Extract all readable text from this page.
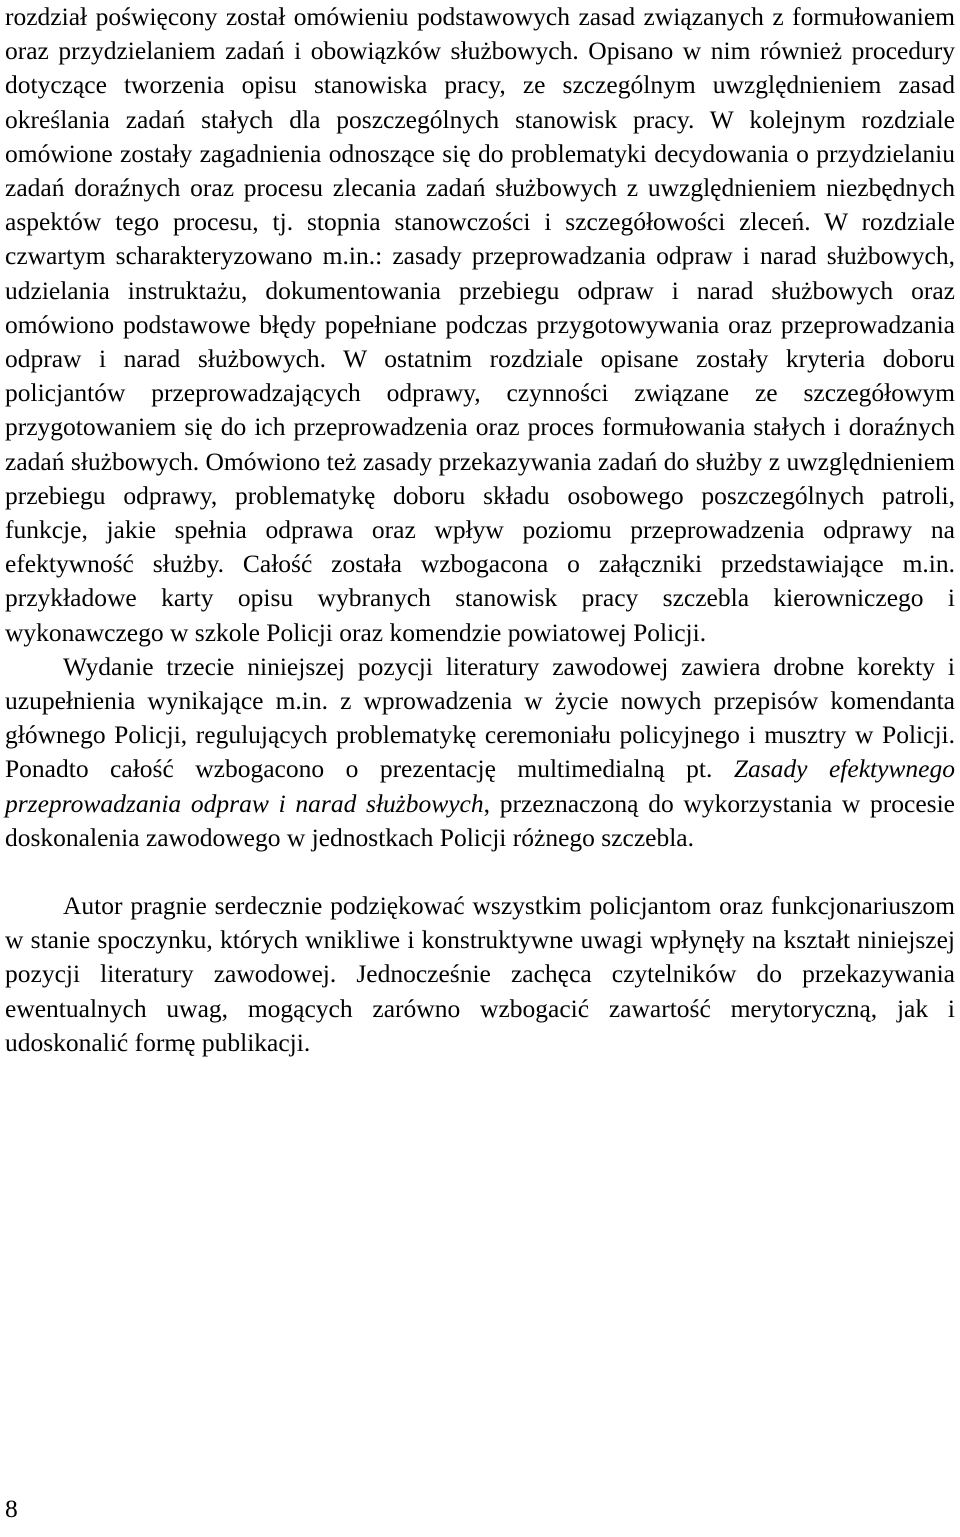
rozdział poświęcony został omówieniu podstawowych zasad związanych z formułowaniem oraz przydzielaniem zadań i obowiązków służbowych. Opisano w nim również procedury dotyczące tworzenia opisu stanowiska pracy, ze szczególnym uwzględnieniem zasad określania zadań stałych dla poszczególnych stanowisk pracy. W kolejnym rozdziale omówione zostały zagadnienia odnoszące się do problematyki decydowania o przydzielaniu zadań doraźnych oraz procesu zlecania zadań służbowych z uwzględnieniem niezbędnych aspektów tego procesu, tj. stopnia stanowczości i szczegółowości zleceń. W rozdziale czwartym scharakteryzowano m.in.: zasady przeprowadzania odpraw i narad służbowych, udzielania instruktażu, dokumentowania przebiegu odpraw i narad służbowych oraz omówiono podstawowe błędy popełniane podczas przygotowywania oraz przeprowadzania odpraw i narad służbowych. W ostatnim rozdziale opisane zostały kryteria doboru policjantów przeprowadzających odprawy, czynności związane ze szczegółowym przygotowaniem się do ich przeprowadzenia oraz proces formułowania stałych i doraźnych zadań służbowych. Omówiono też zasady przekazywania zadań do służby z uwzględnieniem przebiegu odprawy, problematykę doboru składu osobowego poszczególnych patroli, funkcje, jakie spełnia odprawa oraz wpływ poziomu przeprowadzenia odprawy na efektywność służby. Całość została wzbogacona o załączniki przedstawiające m.in. przykładowe karty opisu wybranych stanowisk pracy szczebla kierowniczego i wykonawczego w szkole Policji oraz komendzie powiatowej Policji.

Wydanie trzecie niniejszej pozycji literatury zawodowej zawiera drobne korekty i uzupełnienia wynikające m.in. z wprowadzenia w życie nowych przepisów komendanta głównego Policji, regulujących problematykę ceremoniału policyjnego i musztry w Policji. Ponadto całość wzbogacono o prezentację multimedialną pt. Zasady efektywnego przeprowadzania odpraw i narad służbowych, przeznaczoną do wykorzystania w procesie doskonalenia zawodowego w jednostkach Policji różnego szczebla.

Autor pragnie serdecznie podziękować wszystkim policjantom oraz funkcjonariuszom w stanie spoczynku, których wnikliwe i konstruktywne uwagi wpłynęły na kształt niniejszej pozycji literatury zawodowej. Jednocześnie zachęca czytelników do przekazywania ewentualnych uwag, mogących zarówno wzbogacić zawartość merytoryczną, jak i udoskonalić formę publikacji.

8
